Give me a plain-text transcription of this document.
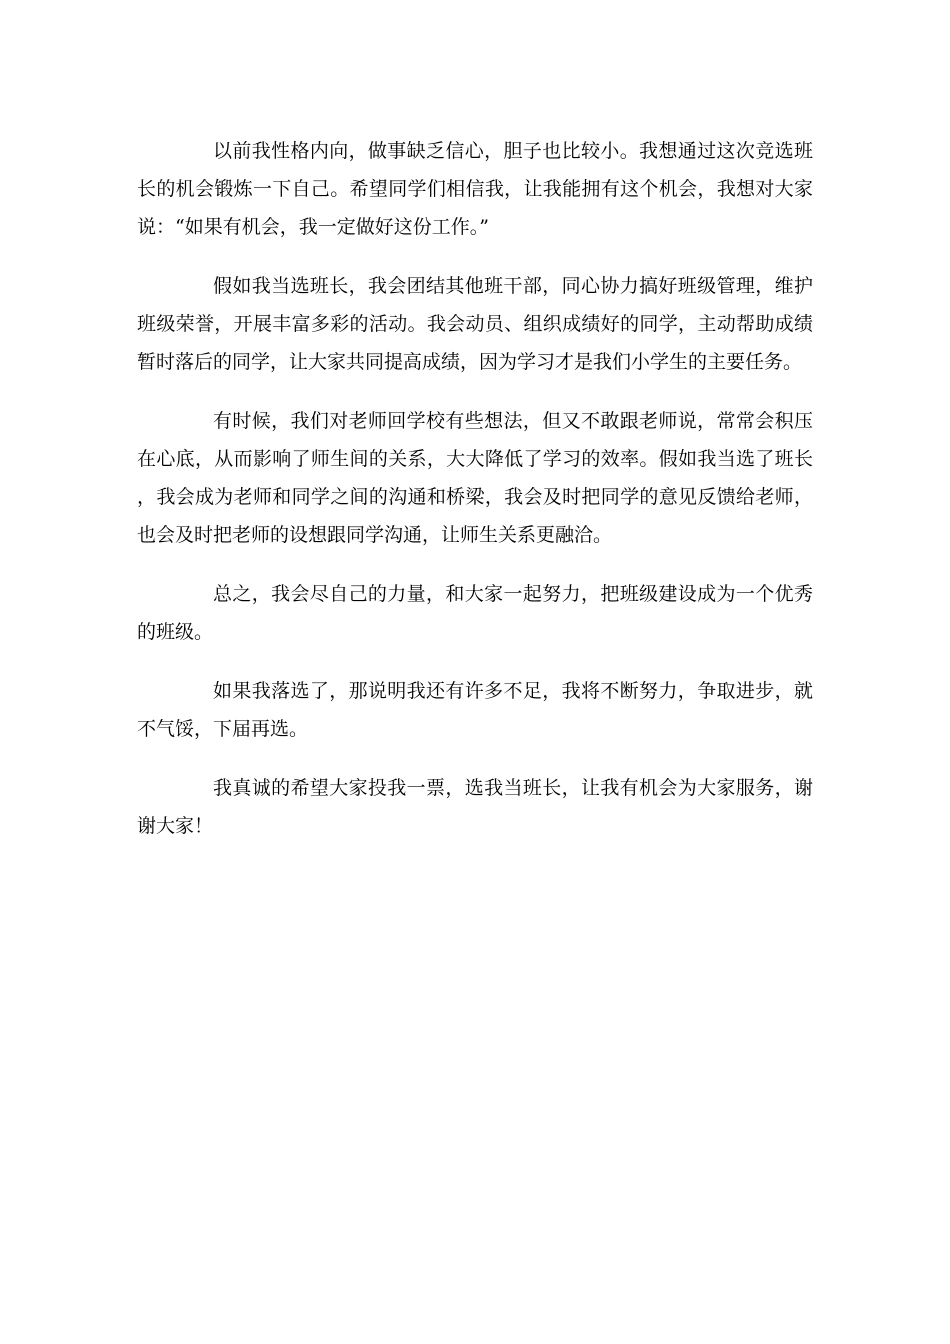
以前我性格内向，做事缺乏信心，胆子也比较小。我想通过这次竞选班长的机会锻炼一下自己。希望同学们相信我，让我能拥有这个机会，我想对大家说：“如果有机会，我一定做好这份工作。”

假如我当选班长，我会团结其他班干部，同心协力搞好班级管理，维护班级荣誉，开展丰富多彩的活动。我会动员、组织成绩好的同学，主动帮助成绩暂时落后的同学，让大家共同提高成绩，因为学习才是我们小学生的主要任务。

有时候，我们对老师回学校有些想法，但又不敢跟老师说，常常会积压在心底，从而影响了师生间的关系，大大降低了学习的效率。假如我当选了班长，我会成为老师和同学之间的沟通和桥梁，我会及时把同学的意见反馈给老师，也会及时把老师的设想跟同学沟通，让师生关系更融洽。

总之，我会尽自己的力量，和大家一起努力，把班级建设成为一个优秀的班级。

如果我落选了，那说明我还有许多不足，我将不断努力，争取进步，就不气馁，下届再选。

我真诚的希望大家投我一票，选我当班长，让我有机会为大家服务，谢谢大家！
